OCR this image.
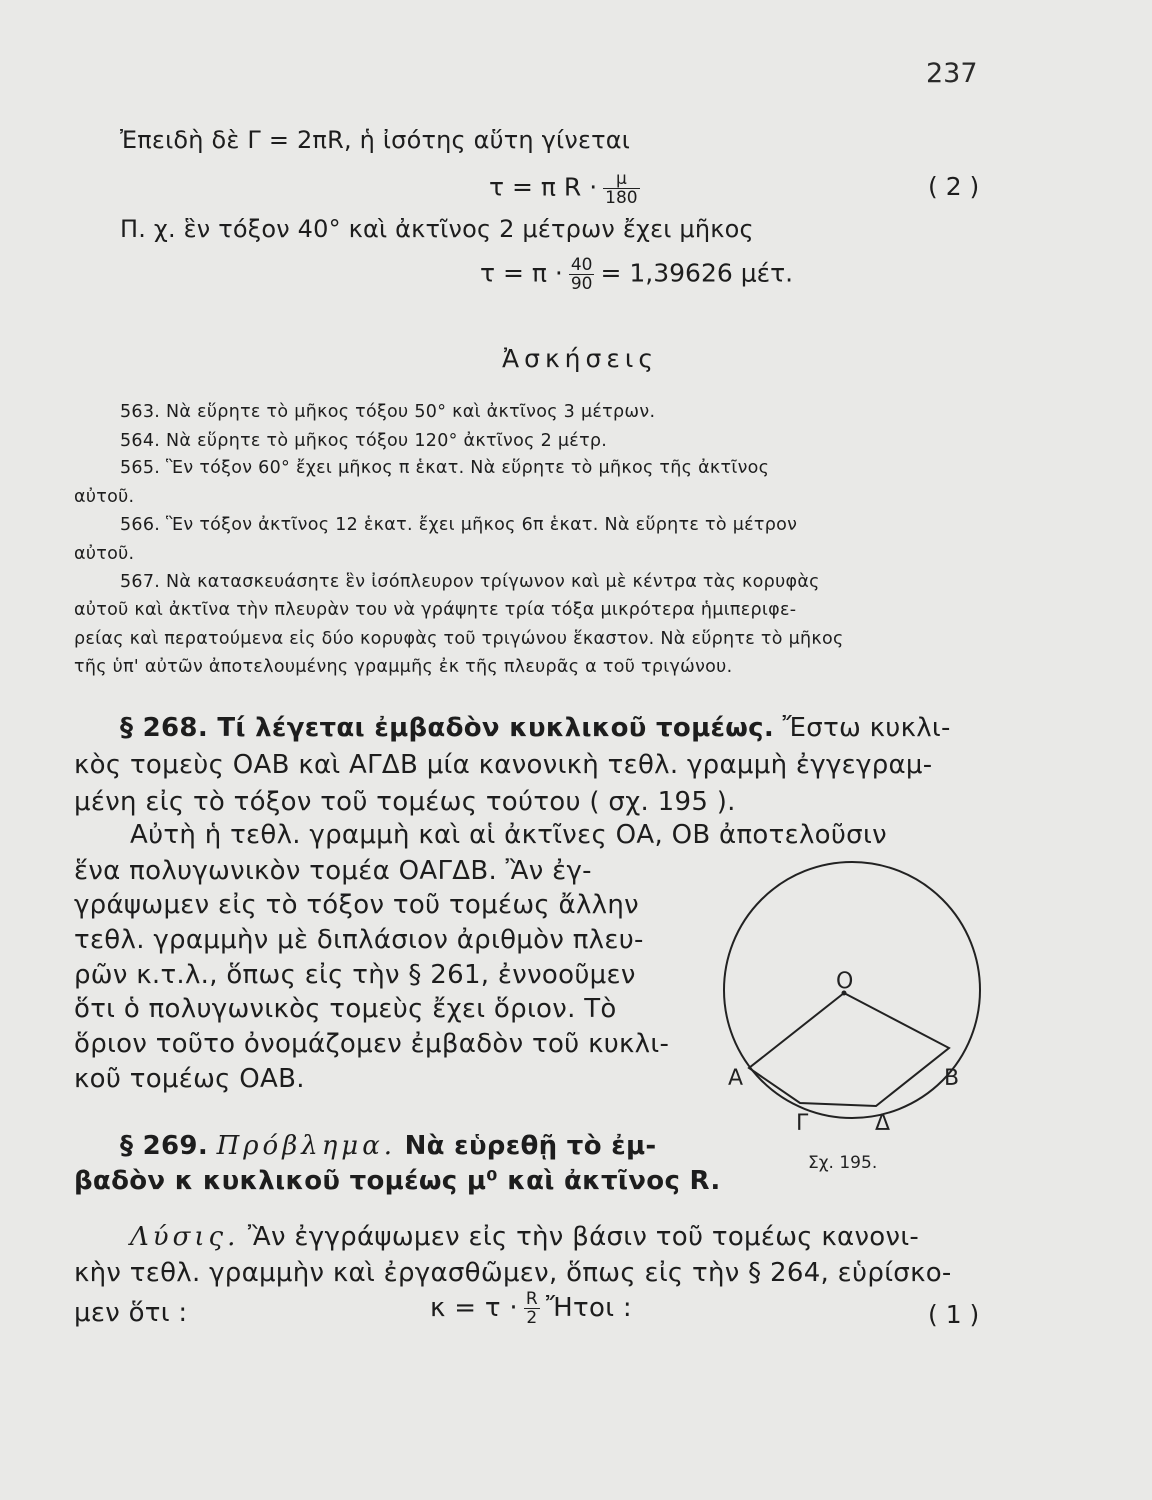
237
Ἐπειδὴ δὲ Γ = 2πR, ἡ ἰσότης αὕτη γίνεται
τ = π $R \cdot \frac{\mu}{180}$	( 2 )
Π. χ. ἓν τόξον 40° καὶ ἀκτῖνος 2 μέτρων ἔχει μῆκος
$\tau = \pi \cdot \frac{40}{90} = 1,39626$ μέτ.
Ἀσκήσεις
563. Νὰ εὕρητε τὸ μῆκος τόξου 50° καὶ ἀκτῖνος 3 μέτρων.
564. Νὰ εὕρητε τὸ μῆκος τόξου 120° ἀκτῖνος 2 μέτρ.
565. Ἓν τόξον 60° ἔχει μῆκος π ἑκατ. Νὰ εὕρητε τὸ μῆκος τῆς ἀκτῖνος
αὐτοῦ.
566. Ἓν τόξον ἀκτῖνος 12 ἑκατ. ἔχει μῆκος 6π ἑκατ. Νὰ εὕρητε τὸ μέτρον
αὐτοῦ.
567. Νὰ κατασκευάσητε ἓν ἰσόπλευρον τρίγωνον καὶ μὲ κέντρα τὰς κορυφὰς
αὐτοῦ καὶ ἀκτῖνα τὴν πλευρὰν του νὰ γράψητε τρία τόξα μικρότερα ἡμιπεριφε-
ρείας καὶ περατούμενα εἰς δύο κορυφὰς τοῦ τριγώνου ἕκαστον. Νὰ εὕρητε τὸ μῆκος
τῆς ὑπ' αὐτῶν ἀποτελουμένης γραμμῆς ἐκ τῆς πλευρᾶς α τοῦ τριγώνου.
§ 268. Τί λέγεται ἐμβαδὸν κυκλικοῦ τομέως. Ἔστω κυκλι-
κὸς τομεὺς ΟΑΒ καὶ ΑΓΔΒ μία κανονικὴ τεθλ. γραμμὴ ἐγγεγραμ-
μένη εἰς τὸ τόξον τοῦ τομέως τούτου ( σχ. 195 ).
Αὐτὴ ἡ τεθλ. γραμμὴ καὶ αἱ ἀκτῖνες ΟΑ, ΟΒ ἀποτελοῦσιν
ἕνα πολυγωνικὸν τομέα ΟΑΓΔΒ. Ἂν ἐγ-
γράψωμεν εἰς τὸ τόξον τοῦ τομέως ἄλλην
τεθλ. γραμμὴν μὲ διπλάσιον ἀριθμὸν πλευ-
ρῶν κ.τ.λ., ὅπως εἰς τὴν § 261, ἐννοοῦμεν
ὅτι ὁ πολυγωνικὸς τομεὺς ἔχει ὅριον. Τὸ
ὅριον τοῦτο ὀνομάζομεν ἐμβαδὸν τοῦ κυκλι-
κοῦ τομέως ΟΑΒ.
§ 269. Πρόβλημα. Νὰ εὑρεθῇ τὸ ἐμ-
βαδὸν κ κυκλικοῦ τομέως μ⁰ καὶ ἀκτῖνος R.
Λύσις. Ἂν ἐγγράψωμεν εἰς τὴν βάσιν τοῦ τομέως κανονι-
κὴν τεθλ. γραμμὴν καὶ ἐργασθῶμεν, ὅπως εἰς τὴν § 264, εὑρίσκο-
μεν ὅτι :	$\kappa = \tau \cdot \frac{R}{2}$ Ἤτοι :	( 1 )
Ο
Α	Β
Γ	Δ
Σχ. 195.
